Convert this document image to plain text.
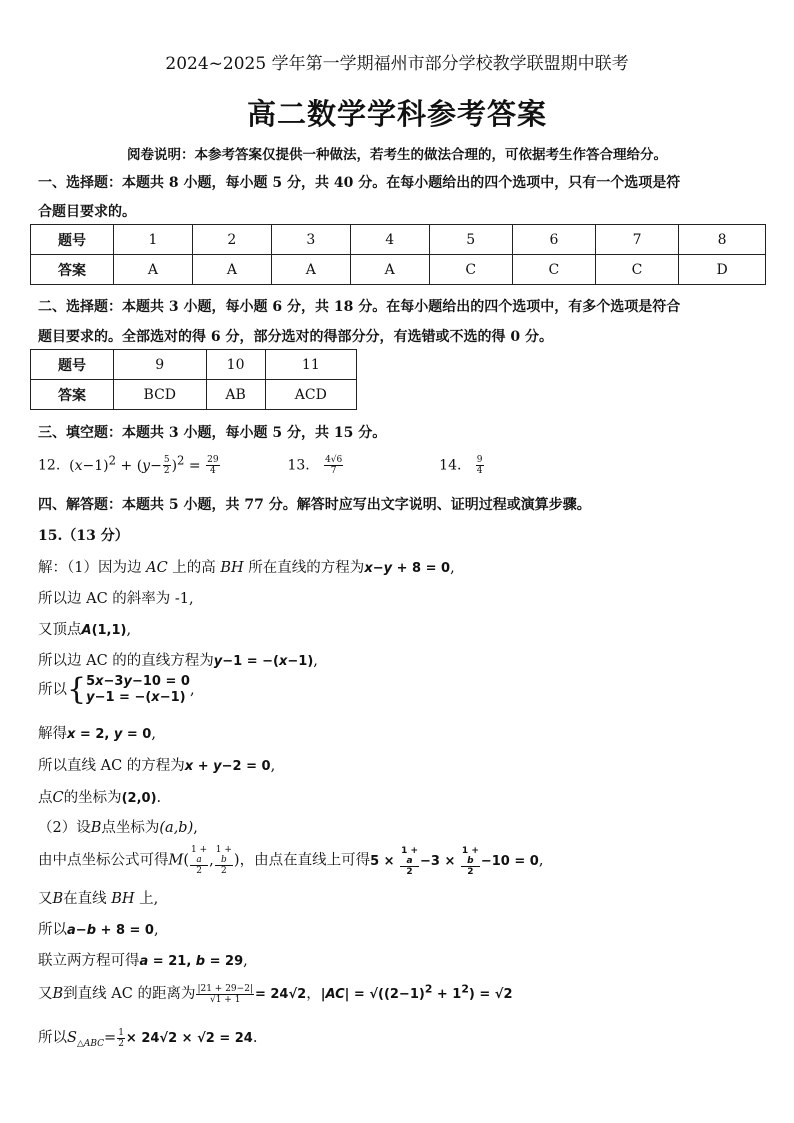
2024~2025 学年第一学期福州市部分学校教学联盟期中联考
高二数学学科参考答案
阅卷说明：本参考答案仅提供一种做法，若考生的做法合理的，可依据考生作答合理给分。
一、选择题：本题共 8 小题，每小题 5 分，共 40 分。在每小题给出的四个选项中，只有一个选项是符
合题目要求的。
题号	1	2	3	4	5	6	7	8
答案	A	A	A	A	C	C	C	D
二、选择题：本题共 3 小题，每小题 6 分，共 18 分。在每小题给出的四个选项中，有多个选项是符合
题目要求的。全部选对的得 6 分，部分选对的得部分分，有选错或不选的得 0 分。
题号	9	10	11
答案	BCD	AB	ACD
三、填空题：本题共 3 小题，每小题 5 分，共 15 分。
12.  $(x-1)^2 + (y- \frac{5}{2} )^2 = \frac{29}{4}$	13. $\frac{4√6}{7}$	14. $\frac{9}{4}$
四、解答题：本题共 5 小题，共 77 分。解答时应写出文字说明、证明过程或演算步骤。
15.（13 分）
解：（1）因为边 AC 上的高 BH 所在直线的方程为x−y + 8 = 0,
所以边 AC 的斜率为 -1,
又顶点A(1,1),
所以边 AC 的的直线方程为y−1 = −(x−1),
所以{5x−3y−10 = 0
y−1 = −(x−1) ,
解得x = 2, y = 0,
所以直线 AC 的方程为x + y−2 = 0,
点C的坐标为(2,0).
（2）设B点坐标为(a,b),
由中点坐标公式可得M( 1 +
a
2 , 1 +
b
2 )，由点在直线上可得5 × 1 +
a
2 −3 × 1 +
b
2 −10 = 0,
又B在直线 BH 上,
所以a−b + 8 = 0,
联立两方程可得a = 21, b = 29,
又B到直线 AC 的距离为 $\frac{|21 + 29-2|}{√1 + 1} = 24√2$，$|AC| = √((2-1)^2 + 1^2) = √2$
所以$S_{\triangle ABC}= \frac{1}{2} \times 24√2 \times √2 = 24$.
